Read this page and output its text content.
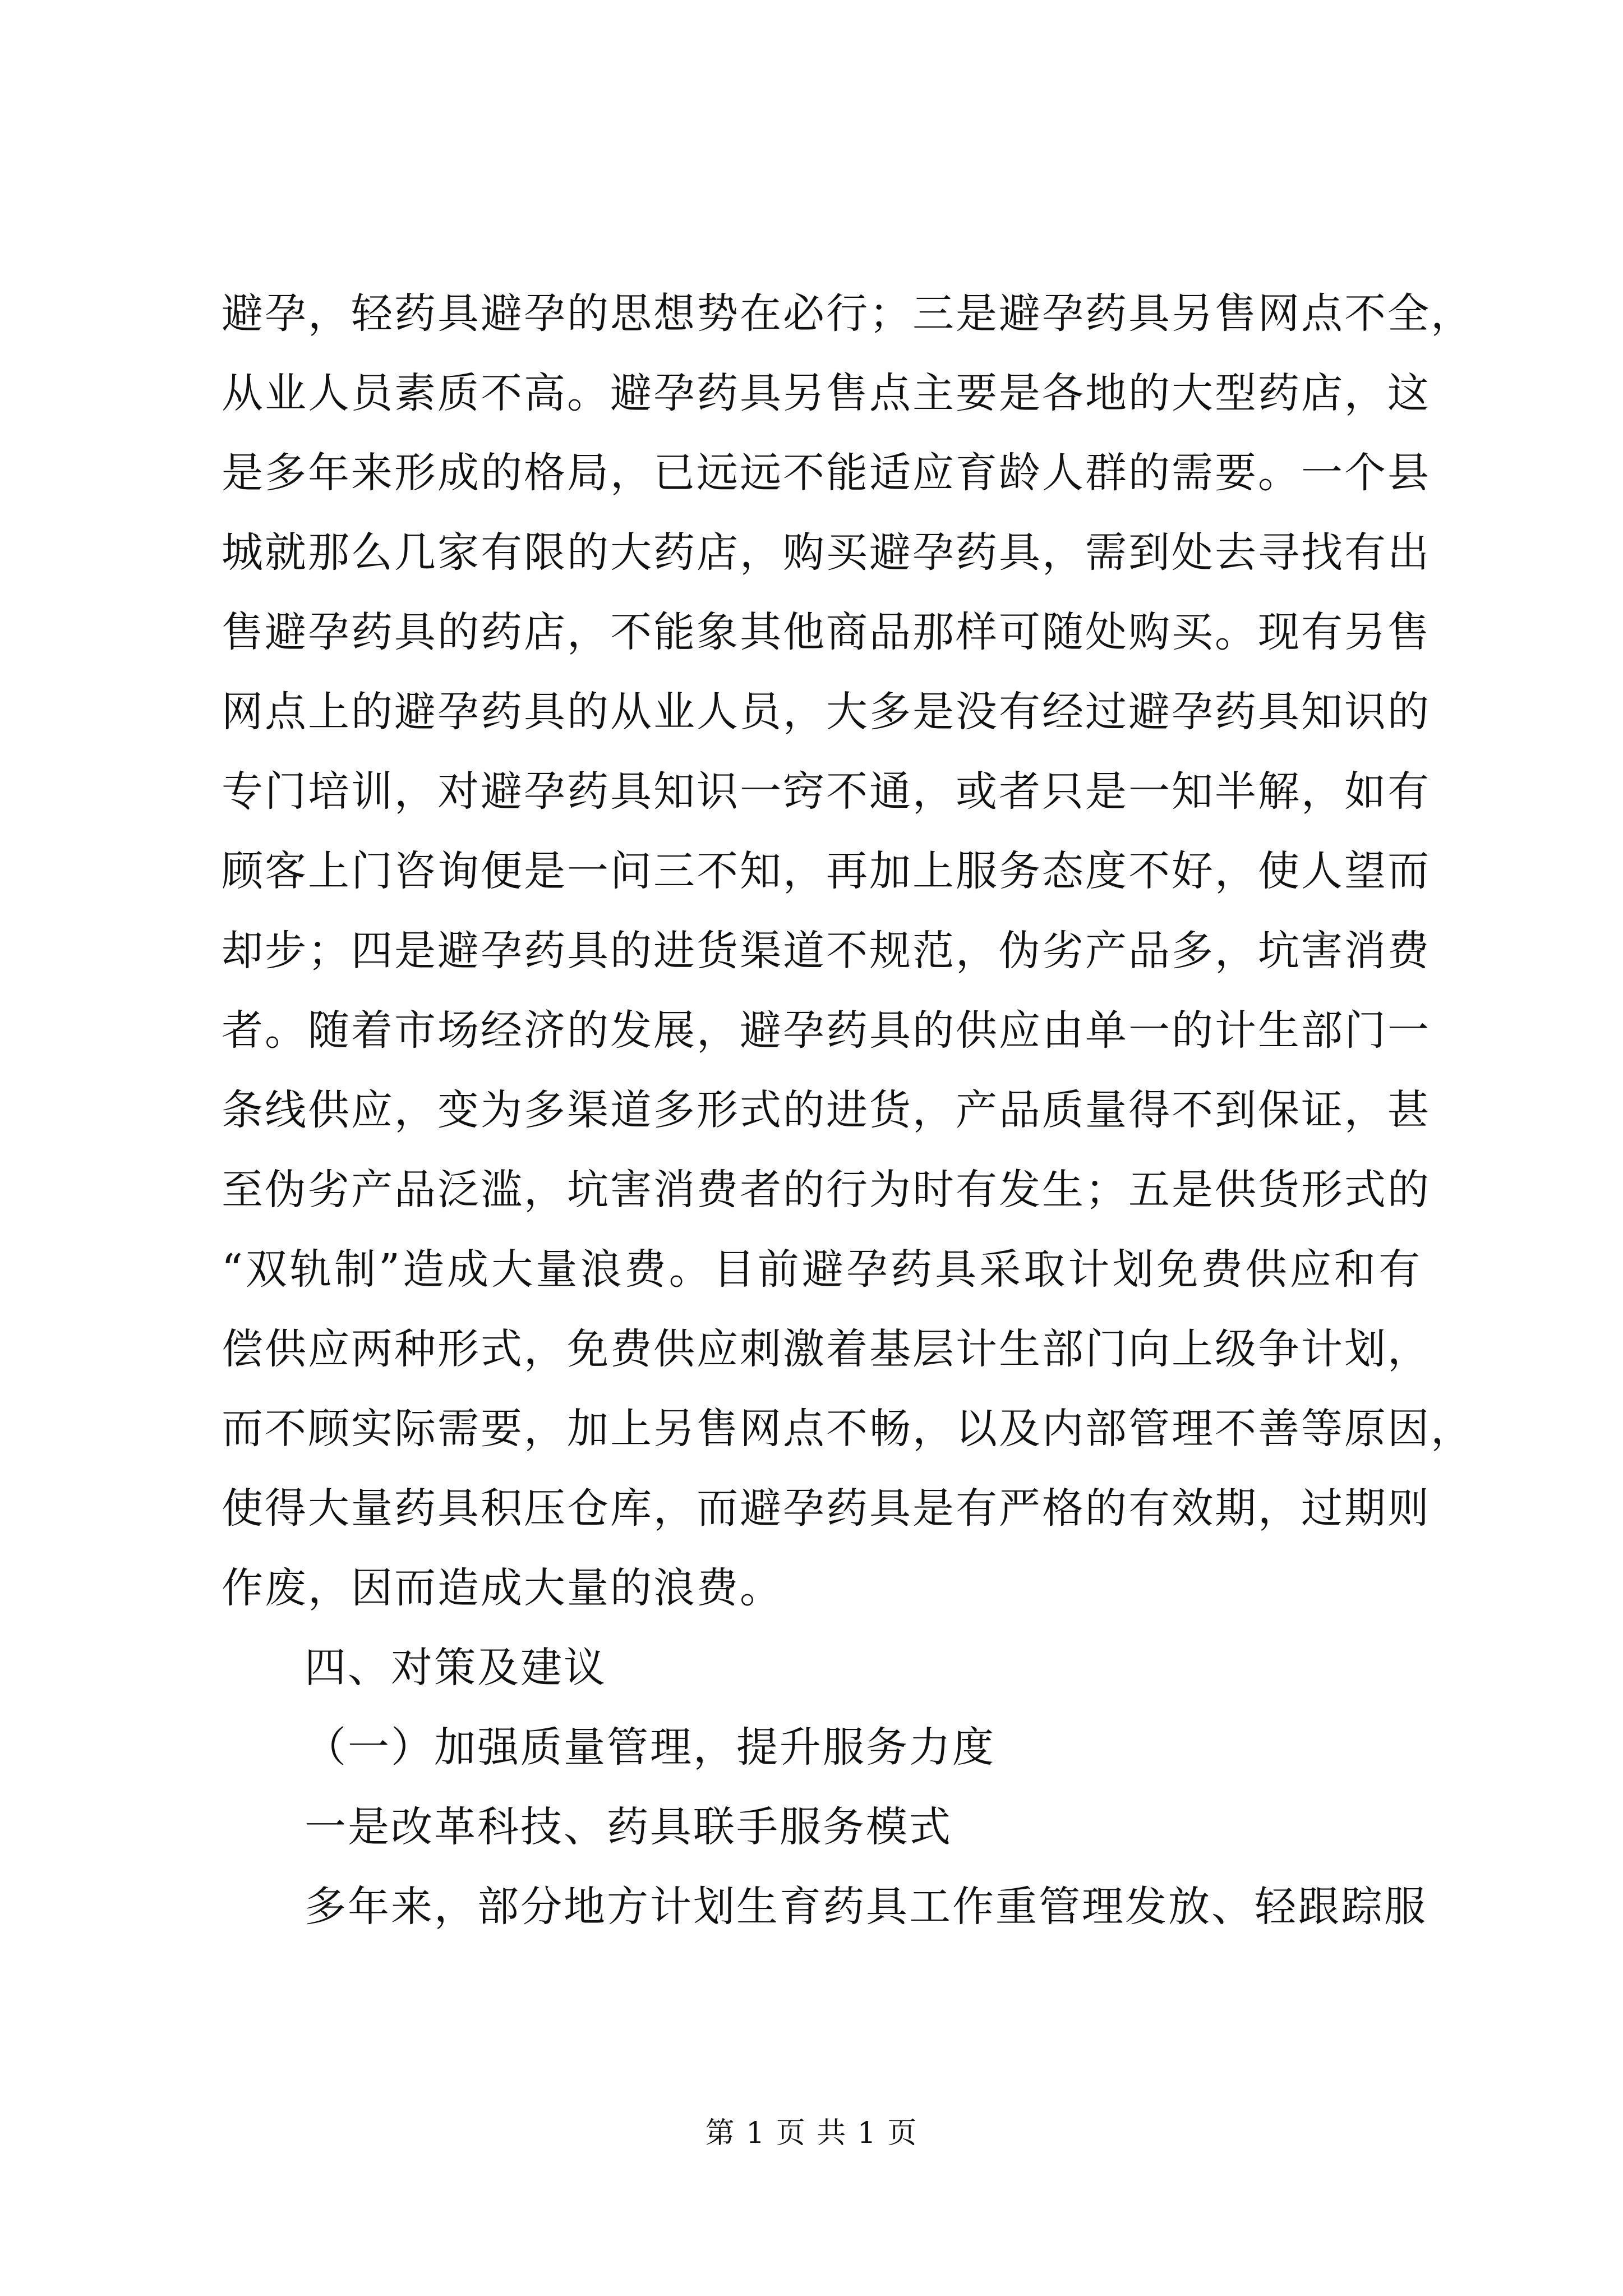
避孕，轻药具避孕的思想势在必行；三是避孕药具另售网点不全，
从业人员素质不高。避孕药具另售点主要是各地的大型药店，这
是多年来形成的格局，已远远不能适应育龄人群的需要。一个县
城就那么几家有限的大药店，购买避孕药具，需到处去寻找有出
售避孕药具的药店，不能象其他商品那样可随处购买。现有另售
网点上的避孕药具的从业人员，大多是没有经过避孕药具知识的
专门培训，对避孕药具知识一窍不通，或者只是一知半解，如有
顾客上门咨询便是一问三不知，再加上服务态度不好，使人望而
却步；四是避孕药具的进货渠道不规范，伪劣产品多，坑害消费
者。随着市场经济的发展，避孕药具的供应由单一的计生部门一
条线供应，变为多渠道多形式的进货，产品质量得不到保证，甚
至伪劣产品泛滥，坑害消费者的行为时有发生；五是供货形式的
“双轨制”造成大量浪费。目前避孕药具采取计划免费供应和有
偿供应两种形式，免费供应刺激着基层计生部门向上级争计划，
而不顾实际需要，加上另售网点不畅，以及内部管理不善等原因，
使得大量药具积压仓库，而避孕药具是有严格的有效期，过期则
作废，因而造成大量的浪费。
四、对策及建议
（一）加强质量管理，提升服务力度
一是改革科技、药具联手服务模式
多年来，部分地方计划生育药具工作重管理发放、轻跟踪服
第 1 页 共 1 页
